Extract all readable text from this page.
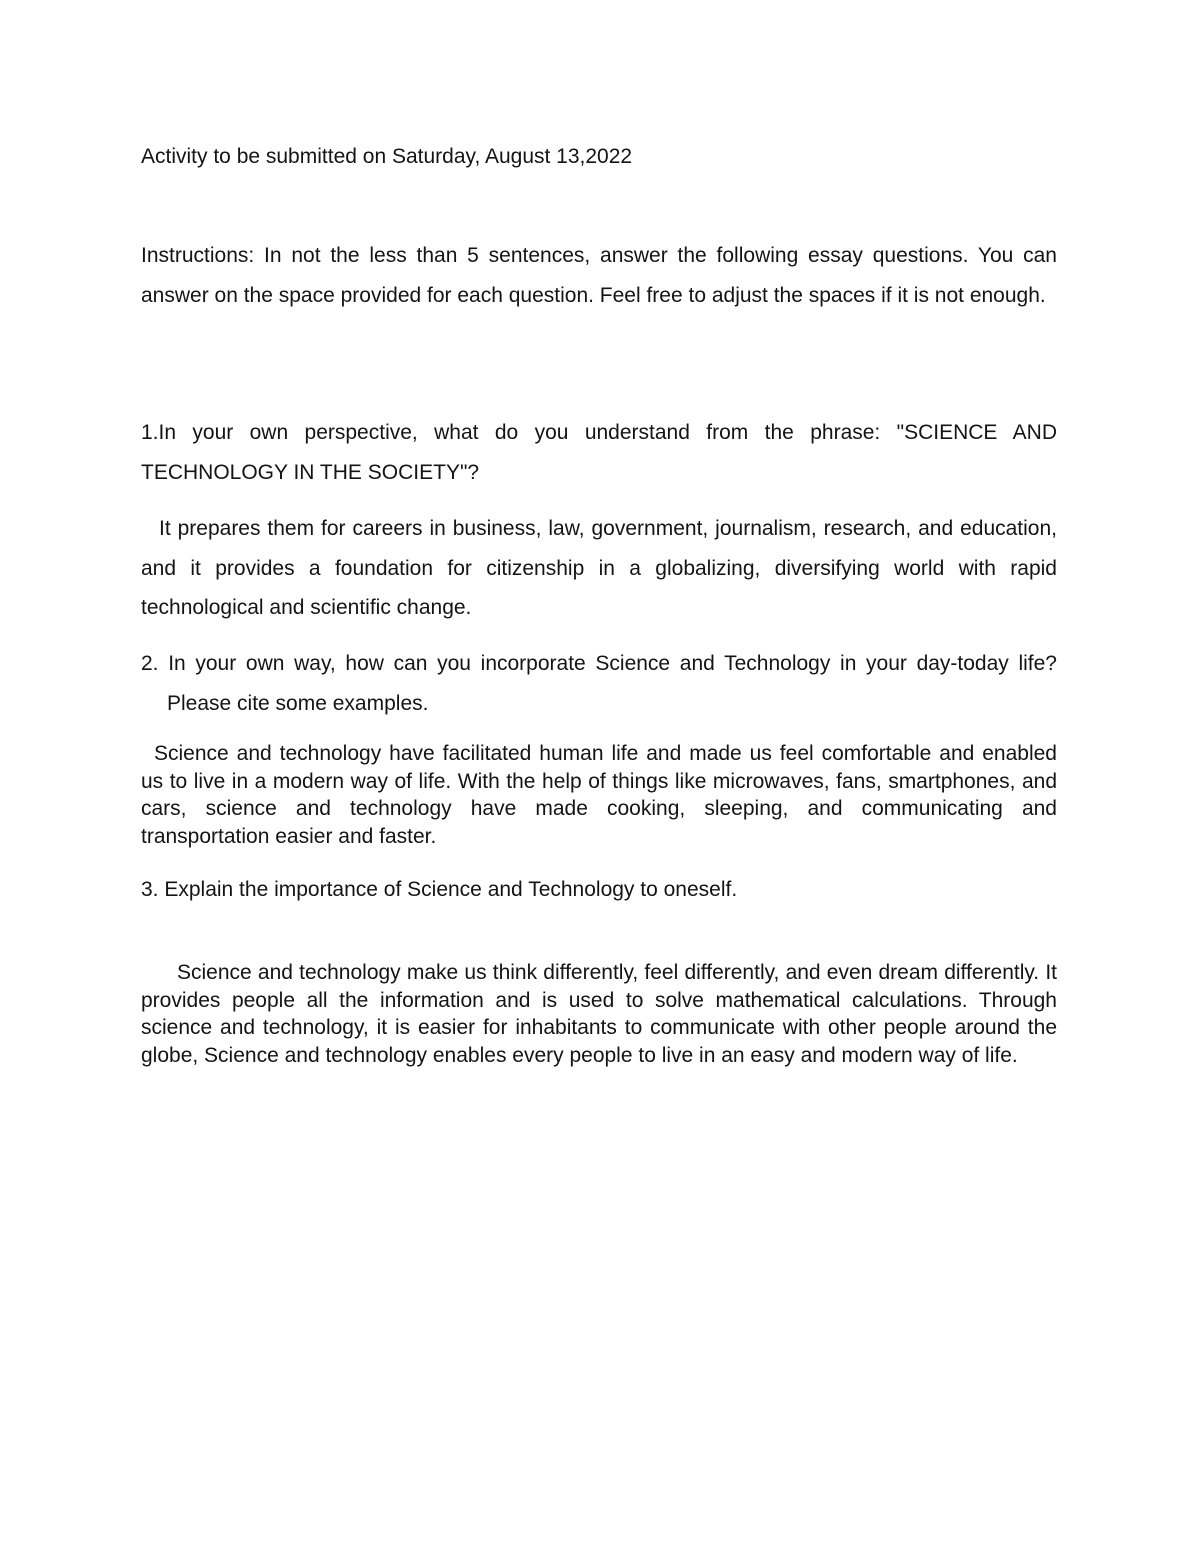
Activity to be submitted on Saturday, August 13,2022

Instructions: In not the less than 5 sentences, answer the following essay questions. You can answer on the space provided for each question. Feel free to adjust the spaces if it is not enough.

1.In your own perspective, what do you understand from the phrase: "SCIENCE AND TECHNOLOGY IN THE SOCIETY"?

It prepares them for careers in business, law, government, journalism, research, and education, and it provides a foundation for citizenship in a globalizing, diversifying world with rapid technological and scientific change.

2. In your own way, how can you incorporate Science and Technology in your day-today life? Please cite some examples.

Science and technology have facilitated human life and made us feel comfortable and enabled us to live in a modern way of life. With the help of things like microwaves, fans, smartphones, and cars, science and technology have made cooking, sleeping, and communicating and transportation easier and faster.

3. Explain the importance of Science and Technology to oneself.

Science and technology make us think differently, feel differently, and even dream differently. It provides people all the information and is used to solve mathematical calculations. Through science and technology, it is easier for inhabitants to communicate with other people around the globe, Science and technology enables every people to live in an easy and modern way of life.
